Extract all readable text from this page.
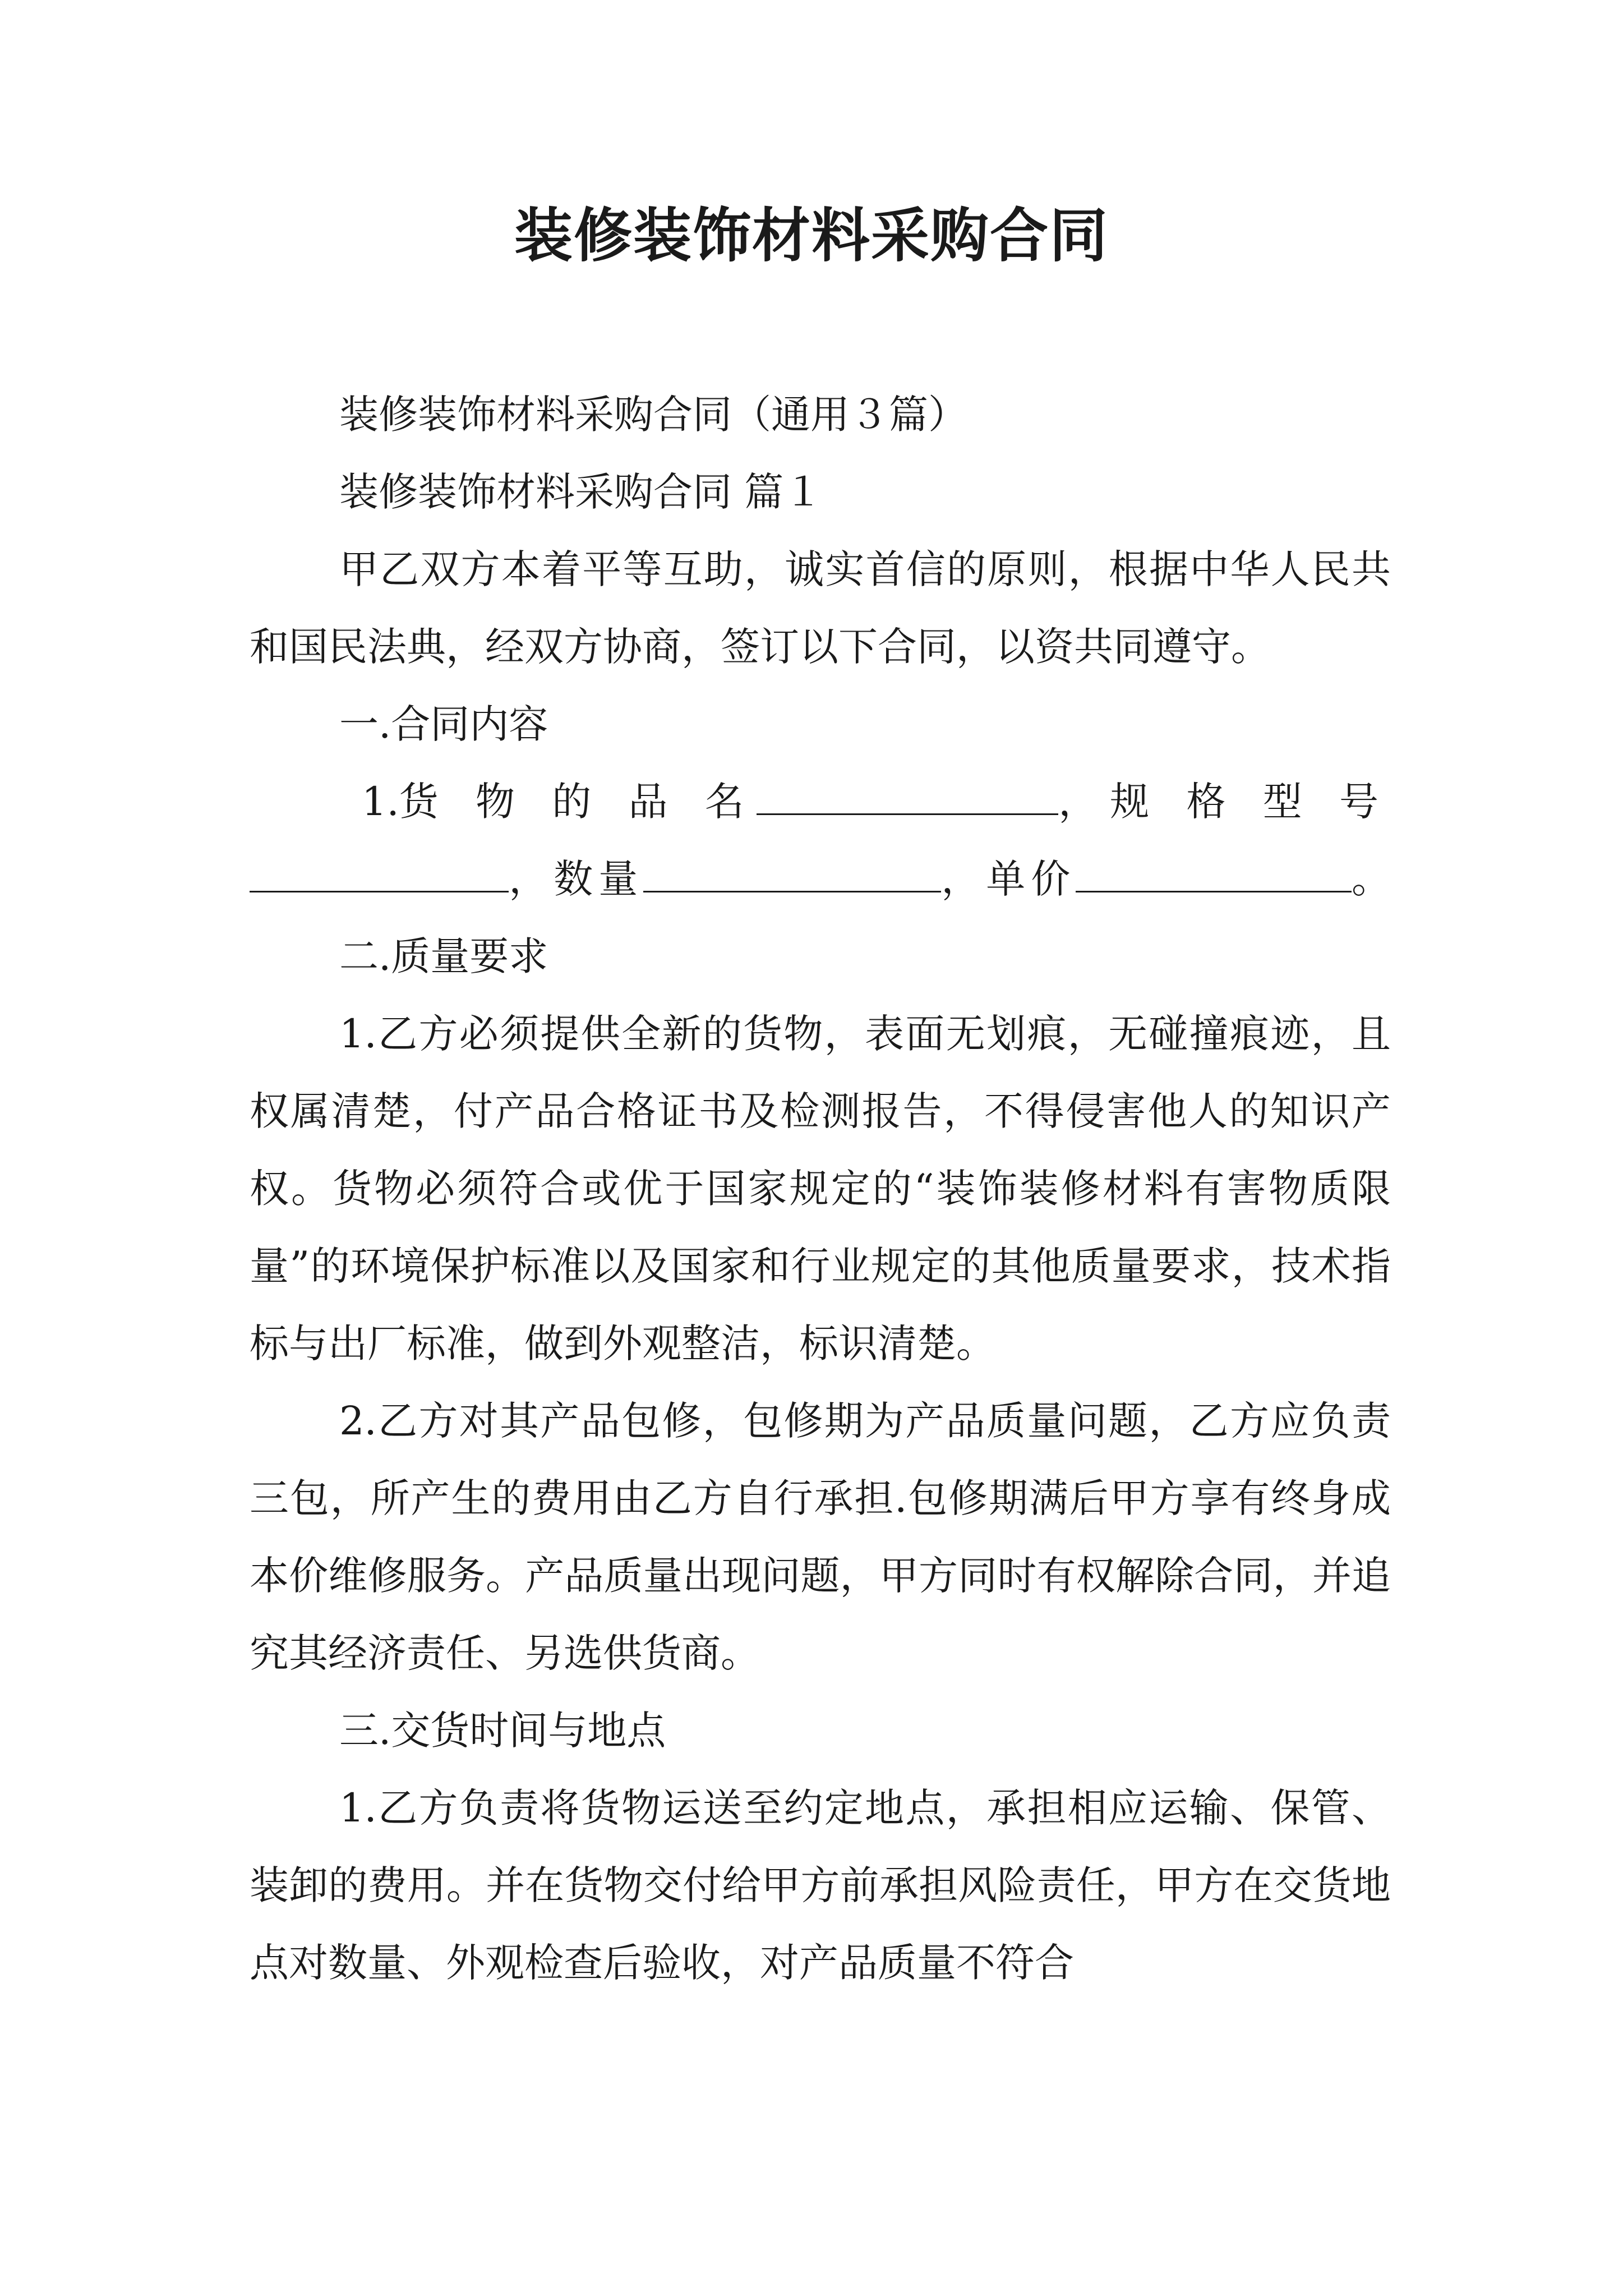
装修装饰材料采购合同

装修装饰材料采购合同（通用３篇）

装修装饰材料采购合同 篇１

甲乙双方本着平等互助，诚实首信的原则，根据中华人民共和国民法典，经双方协商，签订以下合同，以资共同遵守。

一.合同内容

1. 货 物 的 品 名	，规 格 型 号
，数量	，单价	。

二.质量要求

1.乙方必须提供全新的货物，表面无划痕，无碰撞痕迹，且权属清楚，付产品合格证书及检测报告，不得侵害他人的知识产权。货物必须符合或优于国家规定的“装饰装修材料有害物质限量”的环境保护标准以及国家和行业规定的其他质量要求，技术指标与出厂标准，做到外观整洁，标识清楚。

2.乙方对其产品包修，包修期为产品质量问题，乙方应负责三包，所产生的费用由乙方自行承担.包修期满后甲方享有终身成本价维修服务。产品质量出现问题，甲方同时有权解除合同，并追究其经济责任、另选供货商。

三.交货时间与地点

1.乙方负责将货物运送至约定地点，承担相应运输、保管、装卸的费用。并在货物交付给甲方前承担风险责任，甲方在交货地点对数量、外观检查后验收，对产品质量不符合
